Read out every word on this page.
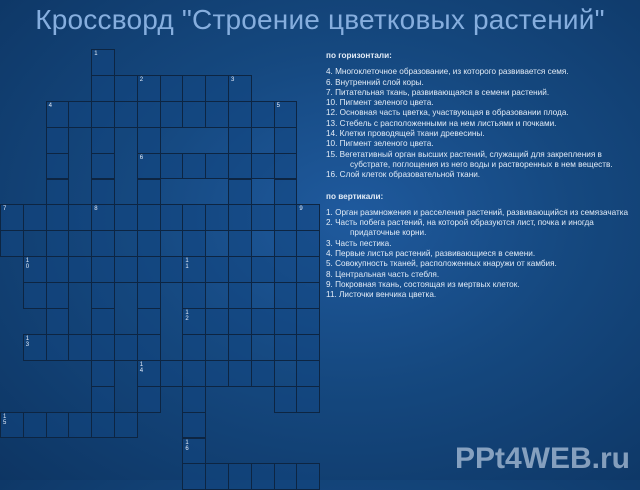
Кроссворд "Строение цветковых растений"
1
2	3
4	5
6
7	8	9
10
11
12
13
14
15
16
по горизонтали:
4. Многоклеточное образование, из которого развивается семя.
6. Внутренний слой коры.
7. Питательная ткань, развивающаяся в семени растений.
10. Пигмент зеленого цвета.
12. Основная часть цветка, участвующая в образовании плода.
13. Стебель с расположенными на нем листьями и почками.
14. Клетки проводящей ткани древесины.
10. Пигмент зеленого цвета.
15. Вегетативный орган высших растений, служащий для закрепления в субстрате, поглощения из него воды и растворенных в нем веществ.
16. Слой клеток образовательной ткани.
по вертикали:
1. Орган размножения и расселения растений, развивающийся из семязачатка
2. Часть побега растений, на которой образуются лист, почка и иногда придаточные корни.
3. Часть пестика.
4. Первые листья растений, развивающиеся в семени.
5. Совокупность тканей, расположенных кнаружи от камбия.
8. Центральная часть стебля.
9. Покровная ткань, состоящая из мертвых клеток.
11. Листочки венчика цветка.
PPt4WEB.ru
